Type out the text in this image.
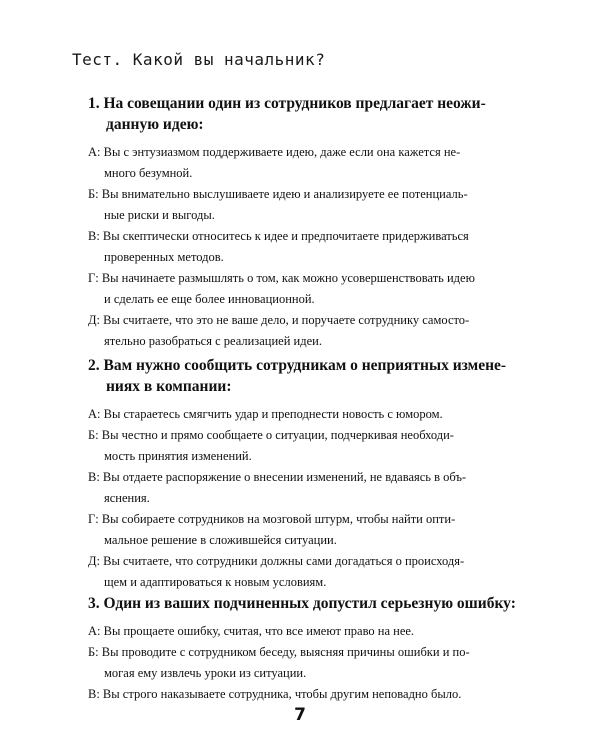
Тест. Какой вы начальник?

1. На совещании один из сотрудников предлагает неожи-
данную идею:

А: Вы с энтузиазмом поддерживаете идею, даже если она кажется не-
много безумной.
Б: Вы внимательно выслушиваете идею и анализируете ее потенциаль-
ные риски и выгоды.
В: Вы скептически относитесь к идее и предпочитаете придерживаться
проверенных методов.
Г: Вы начинаете размышлять о том, как можно усовершенствовать идею
и сделать ее еще более инновационной.
Д: Вы считаете, что это не ваше дело, и поручаете сотруднику самосто-
ятельно разобраться с реализацией идеи.

2. Вам нужно сообщить сотрудникам о неприятных измене-
ниях в компании:

А: Вы стараетесь смягчить удар и преподнести новость с юмором.
Б: Вы честно и прямо сообщаете о ситуации, подчеркивая необходи-
мость принятия изменений.
В: Вы отдаете распоряжение о внесении изменений, не вдаваясь в объ-
яснения.
Г: Вы собираете сотрудников на мозговой штурм, чтобы найти опти-
мальное решение в сложившейся ситуации.
Д: Вы считаете, что сотрудники должны сами догадаться о происходя-
щем и адаптироваться к новым условиям.

3. Один из ваших подчиненных допустил серьезную ошибку:

А: Вы прощаете ошибку, считая, что все имеют право на нее.
Б: Вы проводите с сотрудником беседу, выясняя причины ошибки и по-
могая ему извлечь уроки из ситуации.
В: Вы строго наказываете сотрудника, чтобы другим неповадно было.
7
